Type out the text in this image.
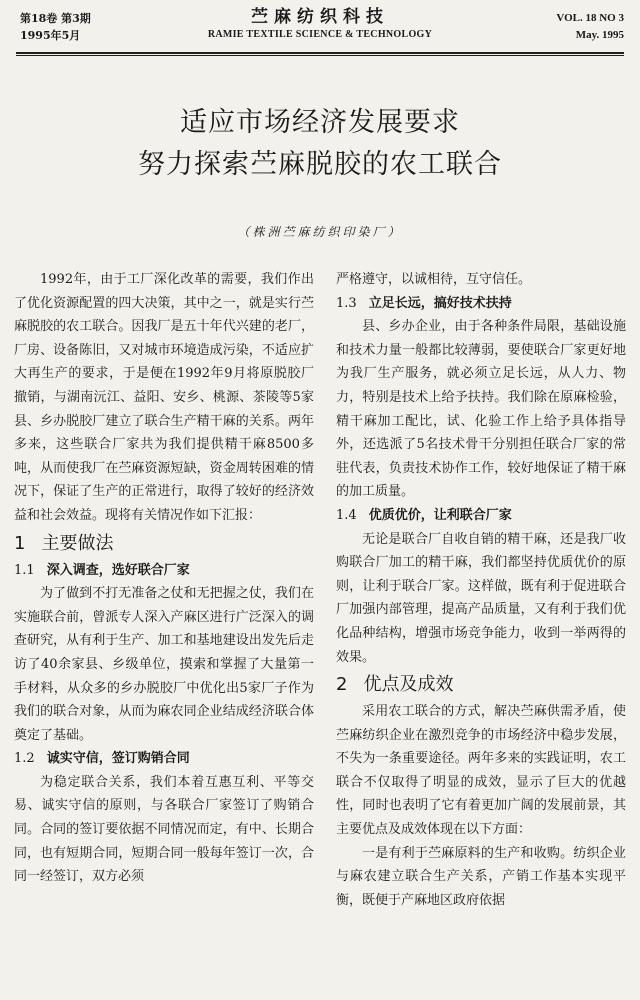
第18卷 第3期
1995年5月
苎麻纺织科技
RAMIE TEXTILE SCIENCE & TECHNOLOGY
VOL. 18 NO 3
May. 1995
适应市场经济发展要求
努力探索苎麻脱胶的农工联合
（株洲苎麻纺织印染厂）

1992年，由于工厂深化改革的需要，我们作出了优化资源配置的四大决策，其中之一，就是实行苎麻脱胶的农工联合。因我厂是五十年代兴建的老厂，厂房、设备陈旧，又对城市环境造成污染，不适应扩大再生产的要求，于是便在1992年9月将原脱胶厂撤销，与湖南沅江、益阳、安乡、桃源、茶陵等5家县、乡办脱胶厂建立了联合生产精干麻的关系。两年多来，这些联合厂家共为我们提供精干麻8500多吨，从而使我厂在苎麻资源短缺，资金周转困难的情况下，保证了生产的正常进行，取得了较好的经济效益和社会效益。现将有关情况作如下汇报：

1 主要做法
1.1 深入调查，选好联合厂家

为了做到不打无准备之仗和无把握之仗，我们在实施联合前，曾派专人深入产麻区进行广泛深入的调查研究，从有利于生产、加工和基地建设出发先后走访了40余家县、乡级单位，摸索和掌握了大量第一手材料，从众多的乡办脱胶厂中优化出5家厂子作为我们的联合对象，从而为麻农同企业结成经济联合体奠定了基础。

1.2 诚实守信，签订购销合同

为稳定联合关系，我们本着互惠互利、平等交易、诚实守信的原则，与各联合厂家签订了购销合同。合同的签订要依据不同情况而定，有中、长期合同，也有短期合同，短期合同一般每年签订一次，合同一经签订，双方必须

严格遵守，以诚相待，互守信任。

1.3 立足长远，搞好技术扶持

县、乡办企业，由于各种条件局限，基础设施和技术力量一般都比较薄弱，要使联合厂家更好地为我厂生产服务，就必须立足长远，从人力、物力，特别是技术上给予扶持。我们除在原麻检验，精干麻加工配比，试、化验工作上给予具体指导外，还选派了5名技术骨干分别担任联合厂家的常驻代表，负责技术协作工作，较好地保证了精干麻的加工质量。

1.4 优质优价，让利联合厂家

无论是联合厂自收自销的精干麻，还是我厂收购联合厂加工的精干麻，我们都坚持优质优价的原则，让利于联合厂家。这样做，既有利于促进联合厂加强内部管理，提高产品质量，又有利于我们优化品种结构，增强市场竞争能力，收到一举两得的效果。

2 优点及成效

采用农工联合的方式，解决苎麻供需矛盾，使苎麻纺织企业在激烈竞争的市场经济中稳步发展，不失为一条重要途径。两年多来的实践证明，农工联合不仅取得了明显的成效，显示了巨大的优越性，同时也表明了它有着更加广阔的发展前景，其主要优点及成效体现在以下方面：

一是有利于苎麻原料的生产和收购。纺织企业与麻农建立联合生产关系，产销工作基本实现平衡，既便于产麻地区政府依据
